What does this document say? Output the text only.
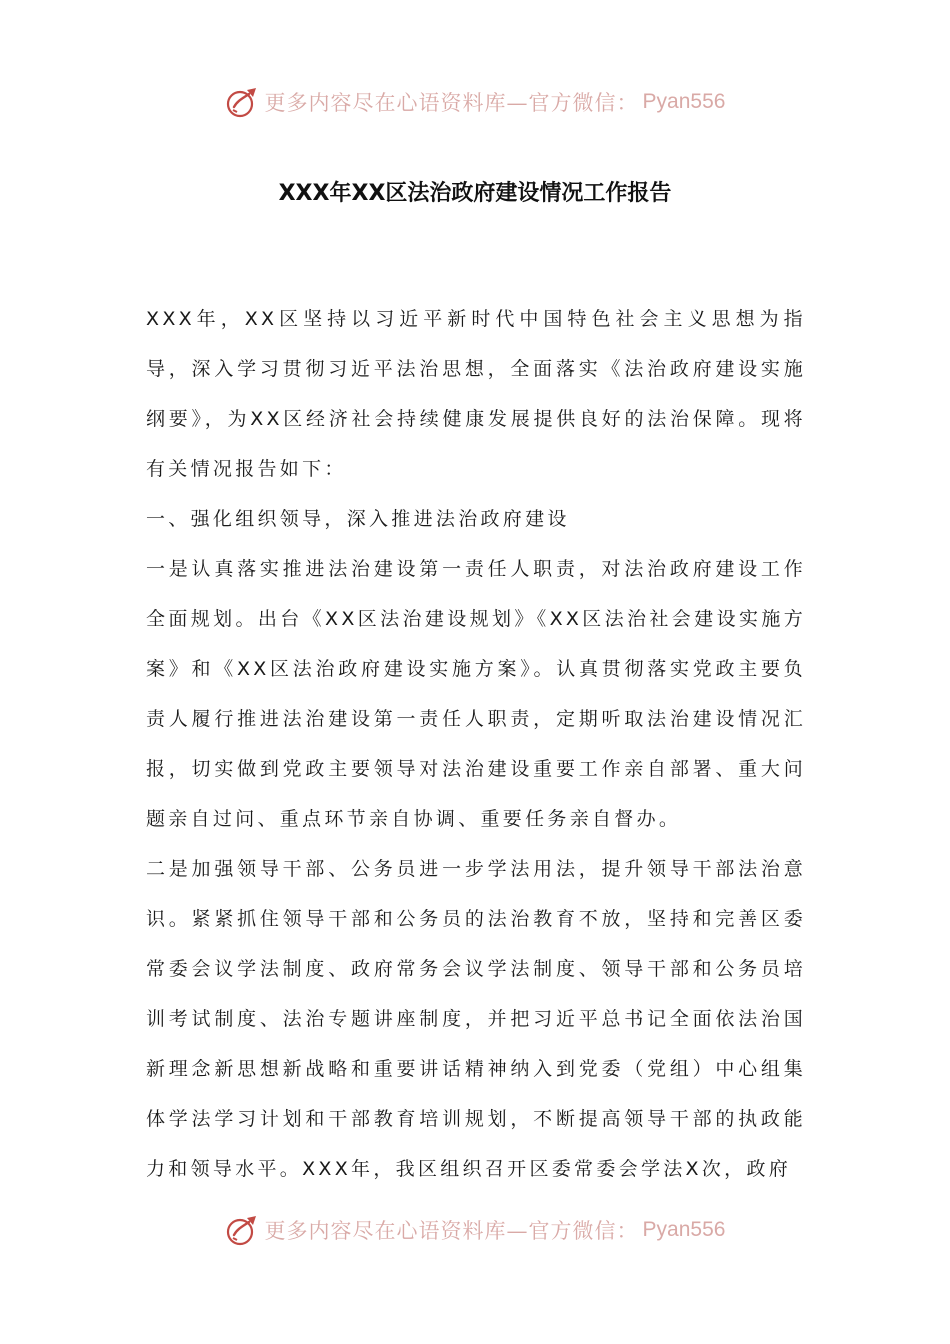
更多内容尽在心语资料库—官方微信： Pyan556
XXX年XX区法治政府建设情况工作报告

XXX年，XX区坚持以习近平新时代中国特色社会主义思想为指导，深入学习贯彻习近平法治思想，全面落实《法治政府建设实施纲要》，为XX区经济社会持续健康发展提供良好的法治保障。现将有关情况报告如下：

一、强化组织领导，深入推进法治政府建设

一是认真落实推进法治建设第一责任人职责，对法治政府建设工作全面规划。出台《XX区法治建设规划》《XX区法治社会建设实施方案》和《XX区法治政府建设实施方案》。认真贯彻落实党政主要负责人履行推进法治建设第一责任人职责，定期听取法治建设情况汇报，切实做到党政主要领导对法治建设重要工作亲自部署、重大问题亲自过问、重点环节亲自协调、重要任务亲自督办。

二是加强领导干部、公务员进一步学法用法，提升领导干部法治意识。紧紧抓住领导干部和公务员的法治教育不放，坚持和完善区委常委会议学法制度、政府常务会议学法制度、领导干部和公务员培训考试制度、法治专题讲座制度，并把习近平总书记全面依法治国新理念新思想新战略和重要讲话精神纳入到党委（党组）中心组集体学法学习计划和干部教育培训规划，不断提高领导干部的执政能力和领导水平。XXX年，我区组织召开区委常委会学法X次，政府

更多内容尽在心语资料库—官方微信： Pyan556
